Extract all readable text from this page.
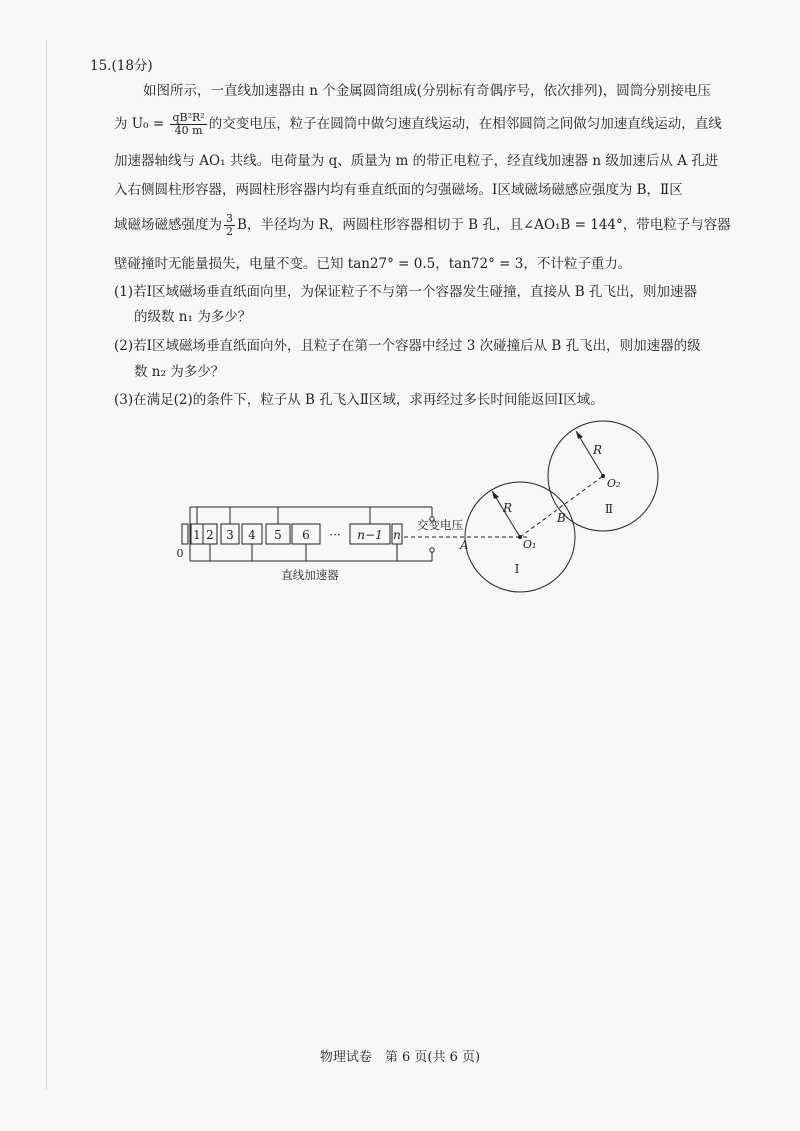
15.(18分)
如图所示，一直线加速器由 n 个金属圆筒组成(分别标有奇偶序号，依次排列)，圆筒分别接电压
为 $U_0 = \frac{\text{qB²R²}}{40 m}$ 的交变电压，粒子在圆筒中做匀速直线运动，在相邻圆筒之间做匀加速直线运动，直线
加速器轴线与 AO₁ 共线。电荷量为 q、质量为 m 的带正电粒子，经直线加速器 n 级加速后从 A 孔进
入右侧圆柱形容器，两圆柱形容器内均有垂直纸面的匀强磁场。Ⅰ区域磁场磁感应强度为 B，Ⅱ区
域磁场磁感强度为 $\frac{3}{2}$ B，半径均为 R，两圆柱形容器相切于 B 孔，且∠AO₁B = 144°，带电粒子与容器
壁碰撞时无能量损失，电量不变。已知 tan27° = 0.5，tan72° = 3，不计粒子重力。
(1)若Ⅰ区域磁场垂直纸面向里，为保证粒子不与第一个容器发生碰撞，直接从 B 孔飞出，则加速器
的级数 n₁ 为多少？
(2)若Ⅰ区域磁场垂直纸面向外，且粒子在第一个容器中经过 3 次碰撞后从 B 孔飞出，则加速器的级
数 n₂ 为多少？
(3)在满足(2)的条件下，粒子从 B 孔飞入Ⅱ区域，求再经过多长时间能返回Ⅰ区域。
1 2 3 4 5 6 ··· n−1 n
0
交变电压
直线加速器
A
B
O₁
O₂
R
R
Ⅰ
Ⅱ
物理试卷　第 6 页(共 6 页)
